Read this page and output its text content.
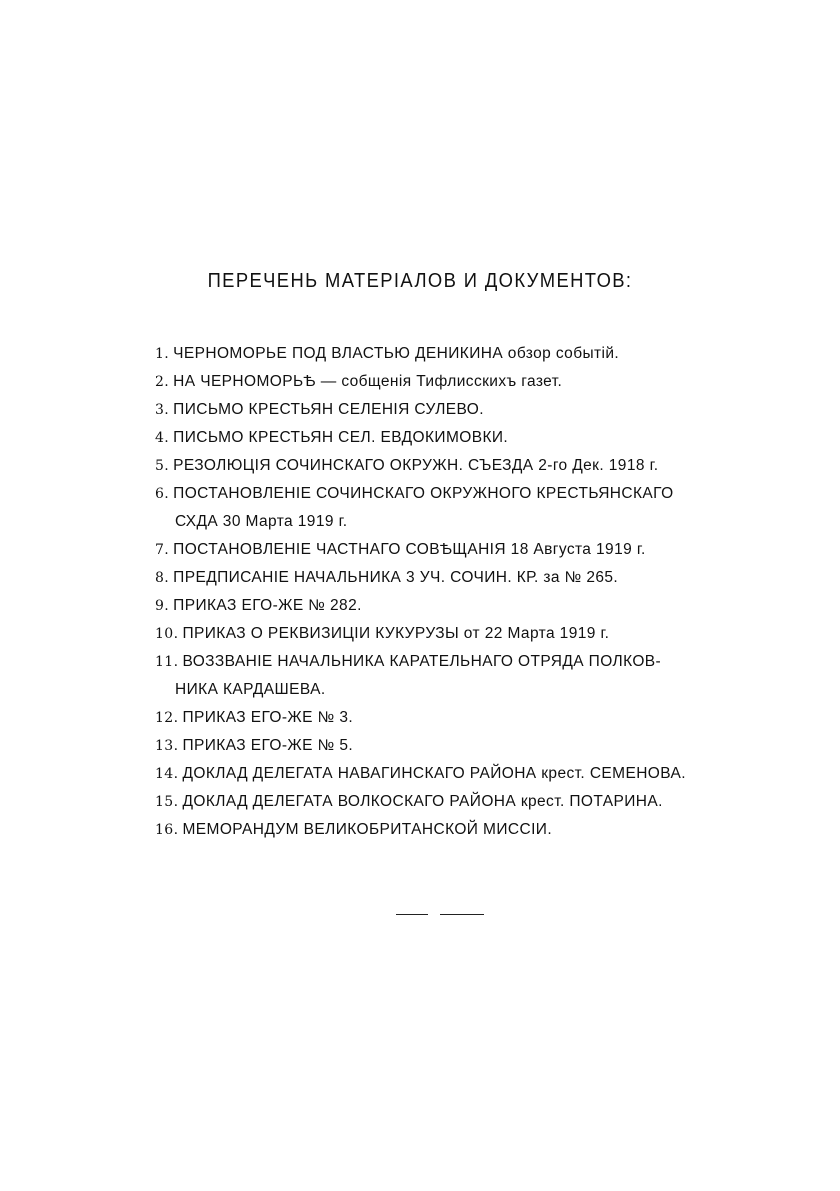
ПЕРЕЧЕНЬ МАТЕРІАЛОВ И ДОКУМЕНТОВ:
1. ЧЕРНОМОРЬЕ ПОД ВЛАСТЬЮ ДЕНИКИНА обзор событій.
2. НА ЧЕРНОМОРЬѢ — собщенія Тифлисскихъ газет.
3. ПИСЬМО КРЕСТЬЯН СЕЛЕНІЯ СУЛЕВО.
4. ПИСЬМО КРЕСТЬЯН СЕЛ. ЕВДОКИМОВКИ.
5. РЕЗОЛЮЦІЯ СОЧИНСКАГО ОКРУЖН. СЪЕЗДА 2-го Дек. 1918 г.
6. ПОСТАНОВЛЕНІЕ СОЧИНСКАГО ОКРУЖНОГО КРЕСТЬЯНСКАГО
СХДА 30 Марта 1919 г.
7. ПОСТАНОВЛЕНІЕ ЧАСТНАГО СОВѢЩАНІЯ 18 Августа 1919 г.
8. ПРЕДПИСАНІЕ НАЧАЛЬНИКА 3 УЧ. СОЧИН. КР. за № 265.
9. ПРИКАЗ ЕГО-ЖЕ № 282.
10. ПРИКАЗ О РЕКВИЗИЦІИ КУКУРУЗЫ от 22 Марта 1919 г.
11. ВОЗЗВАНІЕ НАЧАЛЬНИКА КАРАТЕЛЬНАГО ОТРЯДА ПОЛКОВ-
НИКА КАРДАШЕВА.
12. ПРИКАЗ ЕГО-ЖЕ № 3.
13. ПРИКАЗ ЕГО-ЖЕ № 5.
14. ДОКЛАД ДЕЛЕГАТА НАВАГИНСКАГО РАЙОНА крест. СЕМЕНОВА.
15. ДОКЛАД ДЕЛЕГАТА ВОЛКОСКАГО РАЙОНА крест. ПОТАРИНА.
16. МЕМОРАНДУМ ВЕЛИКОБРИТАНСКОЙ МИССІИ.
